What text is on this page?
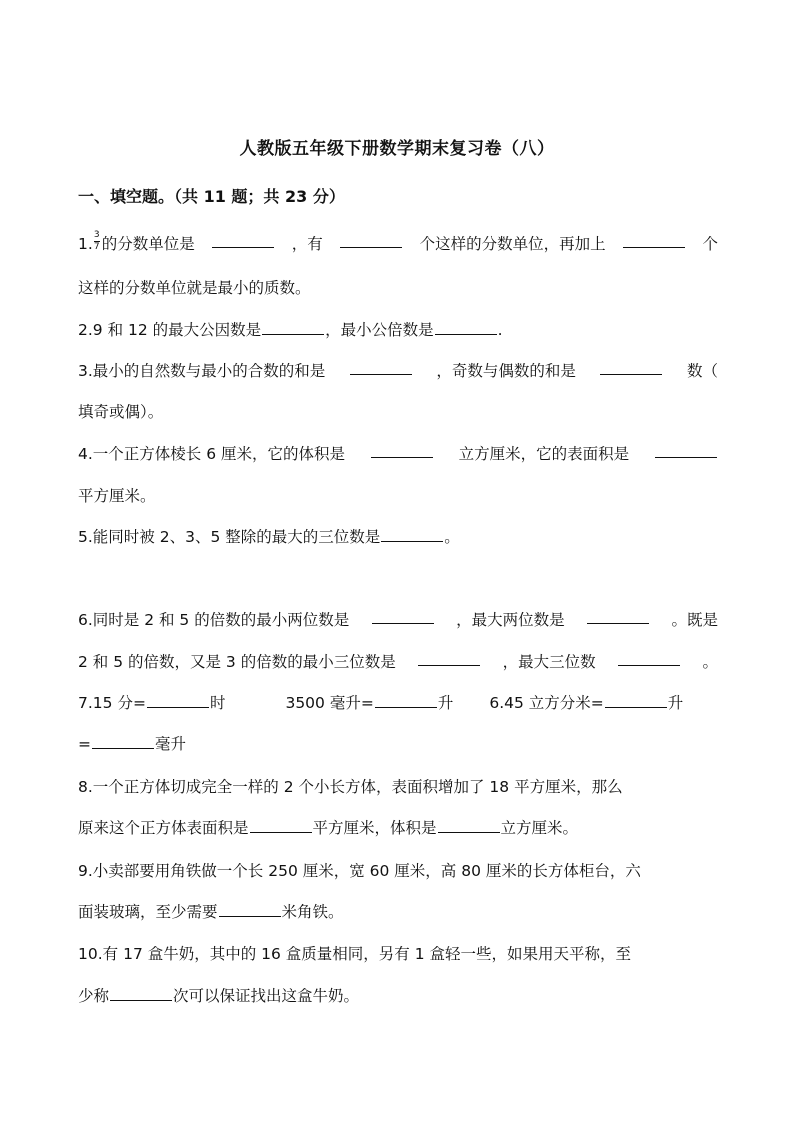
人教版五年级下册数学期末复习卷（八）
一、填空题。（共 11 题；共 23 分）
1. $\frac{3}{7}$ 的分数单位是	，有	个这样的分数单位，再加上	个
这样的分数单位就是最小的质数。
2.9 和 12 的最大公因数是	，最小公倍数是	.
3.最小的自然数与最小的合数的和是	，奇数与偶数的和是	数（
填奇或偶）。
4.一个正方体棱长 6 厘米，它的体积是	立方厘米，它的表面积是
平方厘米。
5.能同时被 2、3、5 整除的最大的三位数是	。
6.同时是 2 和 5 的倍数的最小两位数是	，最大两位数是	。既是
2 和 5 的倍数，又是 3 的倍数的最小三位数是	，最大三位数	。
7.15 分=	时	3500 毫升=	升 6.45 立方分米=	升
=	毫升
8.一个正方体切成完全一样的 2 个小长方体，表面积增加了 18 平方厘米，那么
原来这个正方体表面积是	平方厘米，体积是	立方厘米。
9.小卖部要用角铁做一个长 250 厘米，宽 60 厘米，高 80 厘米的长方体柜台，六
面装玻璃，至少需要	米角铁。
10.有 17 盒牛奶，其中的 16 盒质量相同，另有 1 盒轻一些，如果用天平称，至
少称	次可以保证找出这盒牛奶。
